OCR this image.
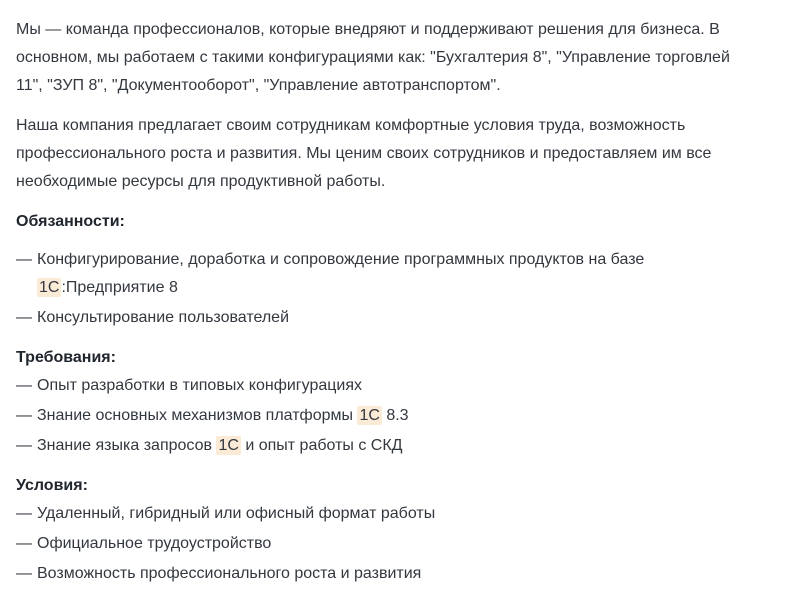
Мы — команда профессионалов, которые внедряют и поддерживают решения для бизнеса. В основном, мы работаем с такими конфигурациями как: "Бухгалтерия 8", "Управление торговлей 11", "ЗУП 8", "Документооборот", "Управление автотранспортом".

Наша компания предлагает своим сотрудникам комфортные условия труда, возможность профессионального роста и развития. Мы ценим своих сотрудников и предоставляем им все необходимые ресурсы для продуктивной работы.

Обязанности:
— Конфигурирование, доработка и сопровождение программных продуктов на базе 1С :Предприятие 8
— Консультирование пользователей
Требования:
— Опыт разработки в типовых конфигурациях
— Знание основных механизмов платформы 1С 8.3
— Знание языка запросов 1С и опыт работы с СКД
Условия:
— Удаленный, гибридный или офисный формат работы
— Официальное трудоустройство
— Возможность профессионального роста и развития
